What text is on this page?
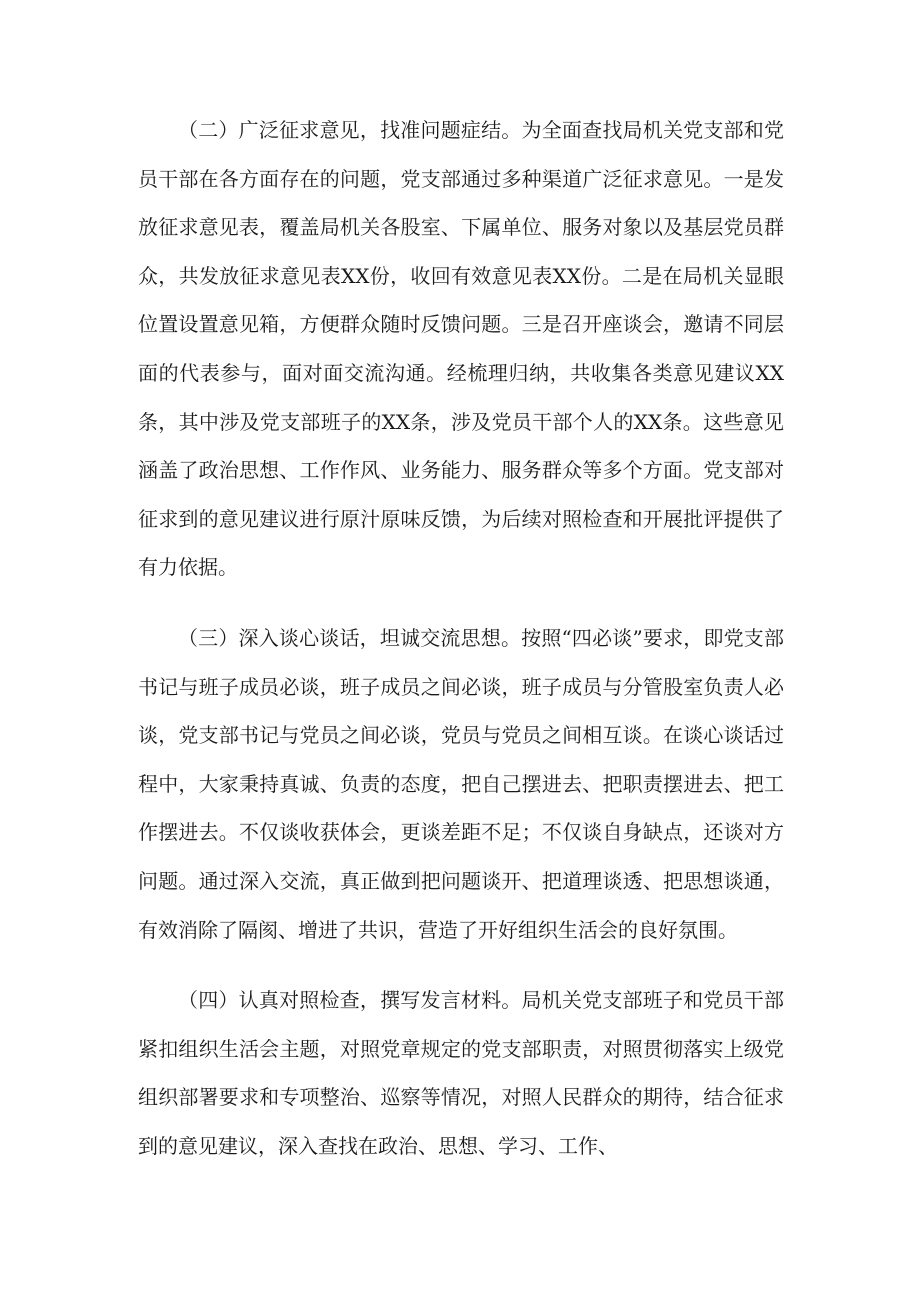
（二）广泛征求意见，找准问题症结。为全面查找局机关党支部和党员干部在各方面存在的问题，党支部通过多种渠道广泛征求意见。一是发放征求意见表，覆盖局机关各股室、下属单位、服务对象以及基层党员群众，共发放征求意见表XX份，收回有效意见表XX份。二是在局机关显眼位置设置意见箱，方便群众随时反馈问题。三是召开座谈会，邀请不同层面的代表参与，面对面交流沟通。经梳理归纳，共收集各类意见建议XX条，其中涉及党支部班子的XX条，涉及党员干部个人的XX条。这些意见涵盖了政治思想、工作作风、业务能力、服务群众等多个方面。党支部对征求到的意见建议进行原汁原味反馈，为后续对照检查和开展批评提供了有力依据。

（三）深入谈心谈话，坦诚交流思想。按照“四必谈”要求，即党支部书记与班子成员必谈，班子成员之间必谈，班子成员与分管股室负责人必谈，党支部书记与党员之间必谈，党员与党员之间相互谈。在谈心谈话过程中，大家秉持真诚、负责的态度，把自己摆进去、把职责摆进去、把工作摆进去。不仅谈收获体会，更谈差距不足；不仅谈自身缺点，还谈对方问题。通过深入交流，真正做到把问题谈开、把道理谈透、把思想谈通，有效消除了隔阂、增进了共识，营造了开好组织生活会的良好氛围。

（四）认真对照检查，撰写发言材料。局机关党支部班子和党员干部紧扣组织生活会主题，对照党章规定的党支部职责，对照贯彻落实上级党组织部署要求和专项整治、巡察等情况，对照人民群众的期待，结合征求到的意见建议，深入查找在政治、思想、学习、工作、
